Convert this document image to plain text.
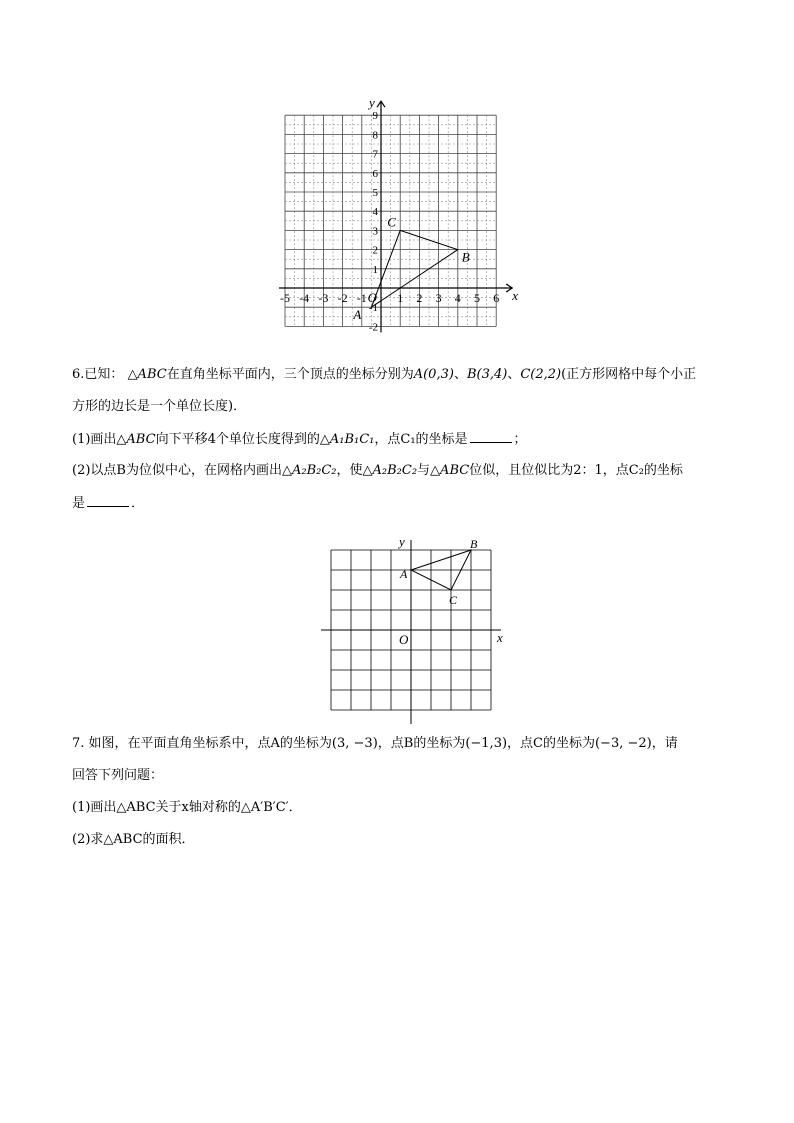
-5 -4 -3 -2 -1	1 2 3 4 5 6
9
8
7
6
5
4
3
2
1
-1
-2
O	x
y
A
B
C
6.已知： △ABC在直角坐标平面内，三个顶点的坐标分别为A(0,3)、B(3,4)、C(2,2)(正方形网格中每个小正
方形的边长是一个单位长度)．
(1)画出△ABC向下平移4个单位长度得到的△A₁B₁C₁，点C₁的坐标是	；
(2)以点B为位似中心，在网格内画出△A₂B₂C₂，使△A₂B₂C₂与△ABC位似，且位似比为2：1，点C₂的坐标
是	．
O	x
y
A
B
C
7. 如图，在平面直角坐标系中，点A的坐标为(3, −3)，点B的坐标为(−1,3)，点C的坐标为(−3, −2)，请
回答下列问题：
(1)画出△ABC关于x轴对称的△A′B′C′．
(2)求△ABC的面积．
